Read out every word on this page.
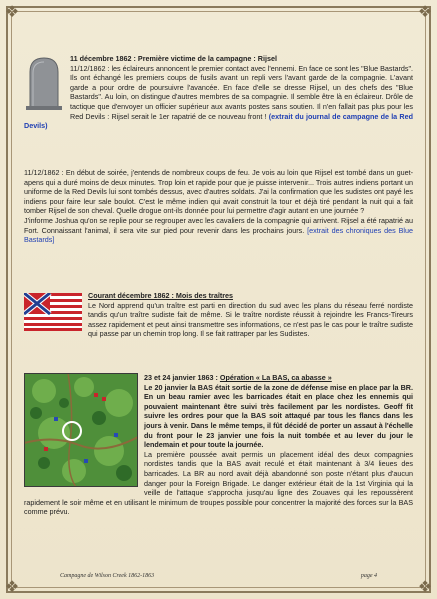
❖	❖
❖	❖
11 décembre 1862 : Première victime de la campagne : Rijsel
11/12/1862 : les éclaireurs annoncent le premier contact avec l'ennemi. En face ce sont les "Blue Bastards". Ils ont échangé les premiers coups de fusils avant un repli vers l'avant garde de la compagnie. L'avant garde a pour ordre de poursuivre l'avancée. En face d'elle se dresse Rijsel, un des chefs des "Blue Bastards". Au loin, on distingue d'autres membres de sa compagnie. Il semble être là en éclaireur. Drôle de tactique que d'envoyer un officier supérieur aux avants postes sans soutien. Il n'en fallait pas plus pour les Red Devils : Rijsel serait le 1er rapatrié de ce nouveau front ! (extrait du journal de campagne de la Red Devils)
11/12/1862 : En début de soirée, j'entends de nombreux coups de feu. Je vois au loin que Rijsel est tombé dans un guet-apens qui a duré moins de deux minutes. Trop loin et rapide pour que je puisse intervenir... Trois autres indiens portant un uniforme de la Red Devils lui sont tombés dessus, avec d'autres soldats. J'ai la confirmation que les sudistes ont payé les indiens pour faire leur sale boulot. C'est le même indien qui avait construit la tour et déjà tiré pendant la nuit qui a fait tomber Rijsel de son cheval. Quelle drogue ont-ils donnée pour lui permettre d'agir autant en une journée ?
J'informe Joshua qu'on se replie pour se regrouper avec les cavaliers de la compagnie qui arrivent. Rijsel a été rapatrié au Fort. Connaissant l'animal, il sera vite sur pied pour revenir dans les prochains jours. [extrait des chroniques des Blue Bastards]
Courant décembre 1862 : Mois des traîtres
Le Nord apprend qu'un traître est parti en direction du sud avec les plans du réseau ferré nordiste tandis qu'un traître sudiste fait de même. Si le traître nordiste réussit à rejoindre les Francs-Tireurs assez rapidement et peut ainsi transmettre ses informations, ce n'est pas le cas pour le traître sudiste qui passe par un chemin trop long. Il se fait rattraper par les Sudistes.
23 et 24 janvier 1863 : Opération « La BAS, ca abasse »
Le 20 janvier la BAS était sortie de la zone de défense mise en place par la BR. En un beau ramier avec les barricades était en place chez les ennemis qui pouvaient maintenant être suivi très facilement par les nordistes. Geoff fit suivre les ordres pour que la BAS soit attaqué par tous les flancs dans les jours à venir. Dans le même temps, il fût décidé de porter un assaut à l'échelle du front pour le 23 janvier une fois la nuit tombée et au lever du jour le lendemain et pour toute la journée.
La première poussée avait permis un placement idéal des deux compagnies nordistes tandis que la BAS avait reculé et était maintenant à 3/4 lieues des barricades. La BR au nord avait déjà abandonné son poste n'étant plus d'aucun danger pour la Foreign Brigade. Le danger extérieur était de la 1st Virginia qui la veille de l'attaque s'approcha jusqu'au ligne des Zouaves qui les repoussèrent rapidement le soir même et en utilisant le minimum de troupes possible pour concentrer la majorité des forces sur la BAS comme prévu.
Campagne de Wilson Creek 1862-1863	page 4
